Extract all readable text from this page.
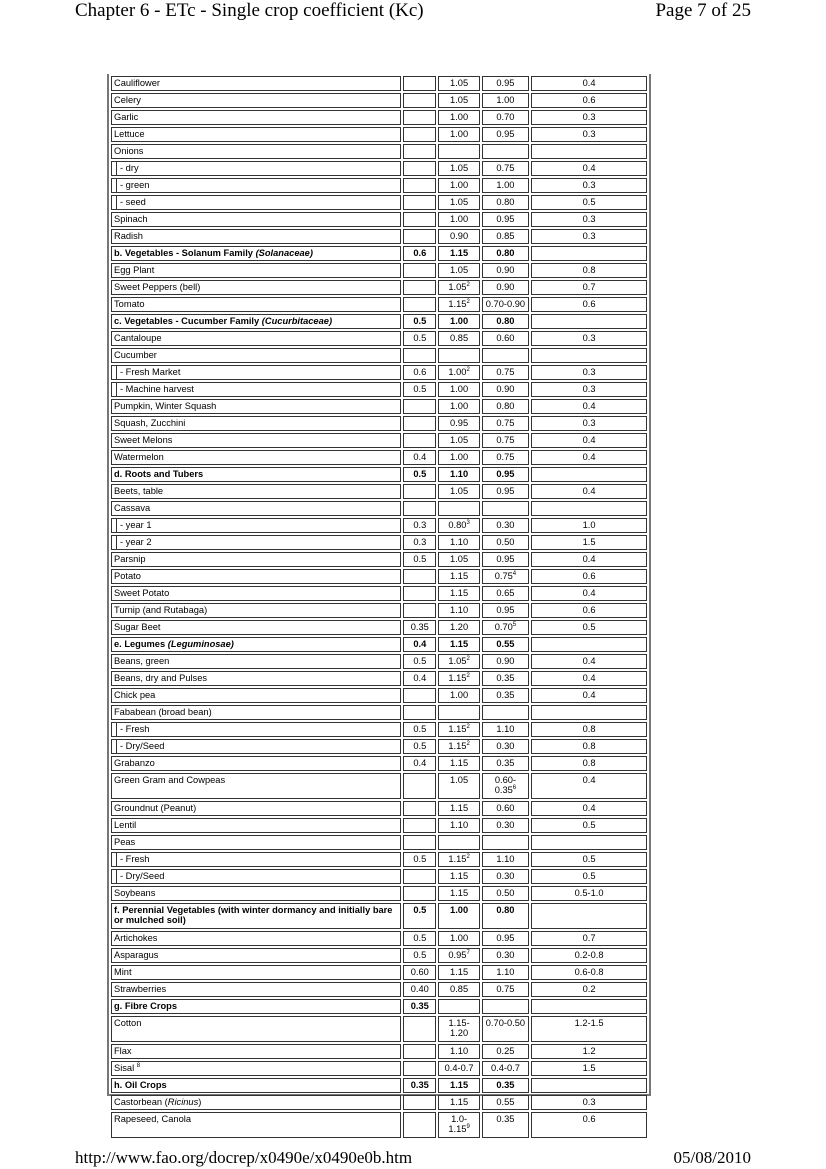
Chapter 6 - ETc - Single crop coefficient (Kc)	Page 7 of 25
Cauliflower		1.05	0.95	0.4
Celery		1.05	1.00	0.6
Garlic		1.00	0.70	0.3
Lettuce		1.00	0.95	0.3
Onions				

- dry		1.05	0.75	0.4

- green		1.00	1.00	0.3

- seed		1.05	0.80	0.5
Spinach		1.00	0.95	0.3
Radish		0.90	0.85	0.3
b. Vegetables - Solanum Family (Solanaceae)	0.6	1.15	0.80	
Egg Plant		1.05	0.90	0.8
Sweet Peppers (bell)		1.05$^2$	0.90	0.7
Tomato		1.15$^2$	0.70-0.90	0.6
c. Vegetables - Cucumber Family (Cucurbitaceae)	0.5	1.00	0.80	
Cantaloupe	0.5	0.85	0.60	0.3
Cucumber				

- Fresh Market	0.6	1.00$^2$	0.75	0.3

- Machine harvest	0.5	1.00	0.90	0.3
Pumpkin, Winter Squash		1.00	0.80	0.4
Squash, Zucchini		0.95	0.75	0.3
Sweet Melons		1.05	0.75	0.4
Watermelon	0.4	1.00	0.75	0.4
d. Roots and Tubers	0.5	1.10	0.95	
Beets, table		1.05	0.95	0.4
Cassava				

- year 1	0.3	0.80$^3$	0.30	1.0

- year 2	0.3	1.10	0.50	1.5
Parsnip	0.5	1.05	0.95	0.4
Potato		1.15	0.75$^4$	0.6
Sweet Potato		1.15	0.65	0.4
Turnip (and Rutabaga)		1.10	0.95	0.6
Sugar Beet	0.35	1.20	0.70$^5$	0.5
e. Legumes (Leguminosae)	0.4	1.15	0.55	
Beans, green	0.5	1.05$^2$	0.90	0.4
Beans, dry and Pulses	0.4	1.15$^2$	0.35	0.4
Chick pea		1.00	0.35	0.4
Fababean (broad bean)				

- Fresh	0.5	1.15$^2$	1.10	0.8

- Dry/Seed	0.5	1.15$^2$	0.30	0.8
Grabanzo	0.4	1.15	0.35	0.8
Green Gram and Cowpeas		1.05	0.60-0.35$^6$	0.4
Groundnut (Peanut)		1.15	0.60	0.4
Lentil		1.10	0.30	0.5
Peas				

- Fresh	0.5	1.15$^2$	1.10	0.5

- Dry/Seed		1.15	0.30	0.5
Soybeans		1.15	0.50	0.5-1.0
f. Perennial Vegetables (with winter dormancy and initially bare or mulched soil)	0.5	1.00	0.80	
Artichokes	0.5	1.00	0.95	0.7
Asparagus	0.5	0.95$^7$	0.30	0.2-0.8
Mint	0.60	1.15	1.10	0.6-0.8
Strawberries	0.40	0.85	0.75	0.2
g. Fibre Crops	0.35			
Cotton		1.15-1.20	0.70-0.50	1.2-1.5
Flax		1.10	0.25	1.2
Sisal $^8$		0.4-0.7	0.4-0.7	1.5
h. Oil Crops	0.35	1.15	0.35	
Castorbean (Ricinus)		1.15	0.55	0.3
Rapeseed, Canola		1.0-1.15$^9$	0.35	0.6
http://www.fao.org/docrep/x0490e/x0490e0b.htm	05/08/2010
